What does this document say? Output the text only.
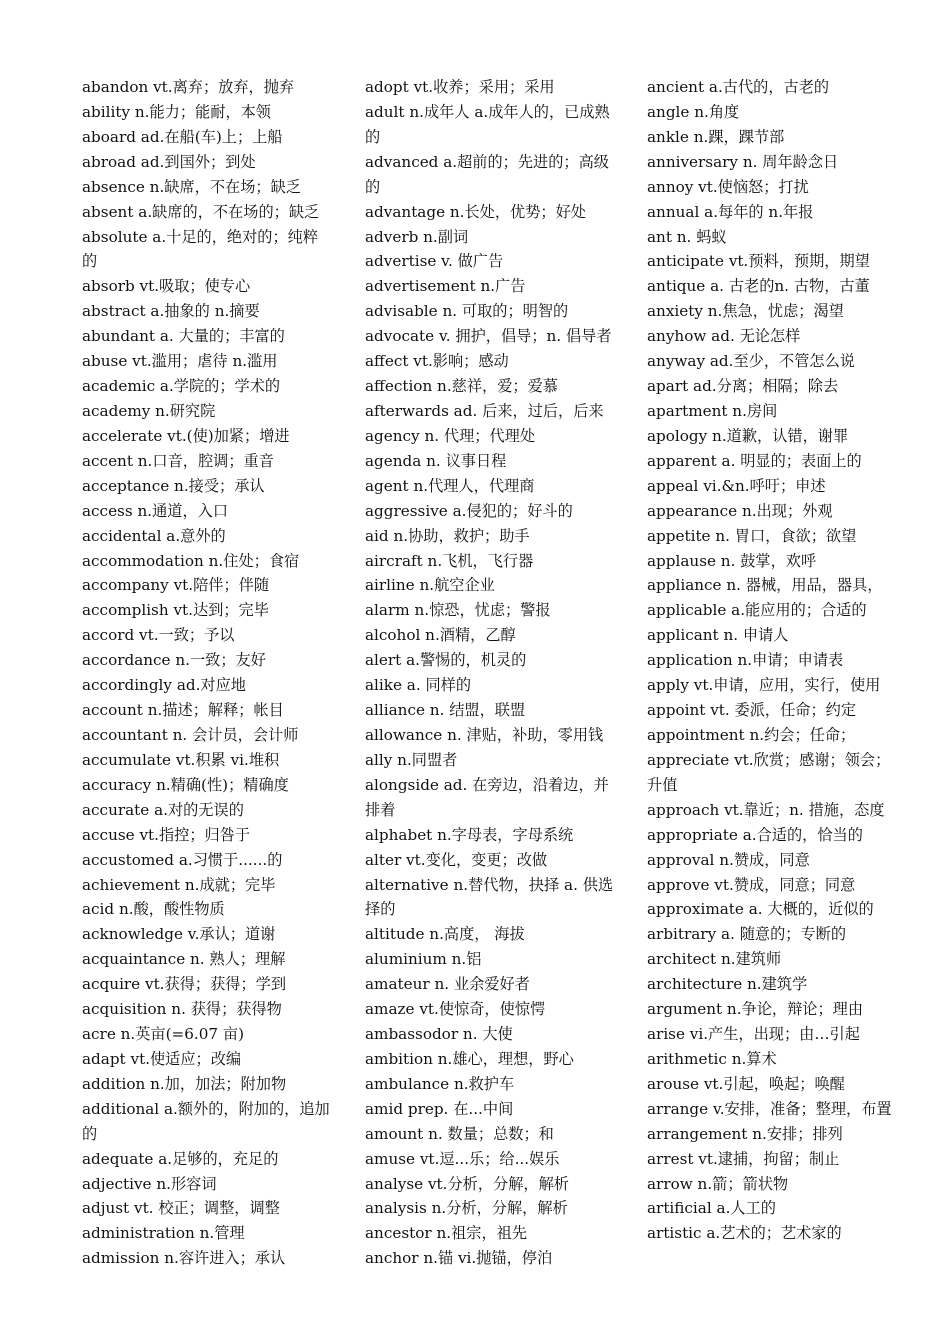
abandon vt.离弃；放弃，抛弃
ability n.能力；能耐，本领
aboard ad.在船(车)上；上船
abroad ad.到国外；到处
absence n.缺席，不在场；缺乏
absent a.缺席的，不在场的；缺乏
absolute a.十足的，绝对的；纯粹的
absorb vt.吸取；使专心
abstract a.抽象的 n.摘要
abundant a. 大量的；丰富的
abuse vt.滥用；虐待 n.滥用
academic a.学院的；学术的
academy n.研究院
accelerate vt.(使)加紧；增进
accent n.口音，腔调；重音
acceptance n.接受；承认
access n.通道，入口
accidental a.意外的
accommodation n.住处；食宿
accompany vt.陪伴；伴随
accomplish vt.达到；完毕
accord vt.一致；予以
accordance n.一致；友好
accordingly ad.对应地
account n.描述；解释；帐目
accountant n. 会计员，会计师
accumulate vt.积累 vi.堆积
accuracy n.精确(性)；精确度
accurate a.对的无误的
accuse vt.指控；归咎于
accustomed a.习惯于......的
achievement n.成就；完毕
acid n.酸，酸性物质
acknowledge v.承认；道谢
acquaintance n. 熟人；理解
acquire vt.获得；获得；学到
acquisition n. 获得；获得物
acre n.英亩(=6.07 亩)
adapt vt.使适应；改编
addition n.加，加法；附加物
additional a.额外的，附加的，追加的
adequate a.足够的，充足的
adjective n.形容词
adjust vt. 校正；调整，调整
administration n.管理
admission n.容许进入；承认
adopt vt.收养；采用；采用
adult n.成年人 a.成年人的，已成熟的
advanced a.超前的；先进的；高级的
advantage n.长处，优势；好处
adverb n.副词
advertise v. 做广告
advertisement n.广告
advisable n. 可取的；明智的
advocate v. 拥护，倡导；n. 倡导者
affect vt.影响；感动
affection n.慈祥，爱；爱慕
afterwards ad. 后来，过后，后来
agency n. 代理；代理处
agenda n. 议事日程
agent n.代理人，代理商
aggressive a.侵犯的；好斗的
aid n.协助，救护；助手
aircraft n.飞机，飞行器
airline n.航空企业
alarm n.惊恐，忧虑；警报
alcohol n.酒精，乙醇
alert a.警惕的，机灵的
alike a. 同样的
alliance n. 结盟，联盟
allowance n. 津贴，补助，零用钱
ally n.同盟者
alongside ad. 在旁边，沿着边，并排着
alphabet n.字母表，字母系统
alter vt.变化，变更；改做
alternative n.替代物，抉择 a. 供选择的
altitude n.高度， 海拔
aluminium n.铝
amateur n. 业余爱好者
amaze vt.使惊奇，使惊愕
ambassodor n. 大使
ambition n.雄心，理想，野心
ambulance n.救护车
amid prep. 在...中间
amount n. 数量；总数；和
amuse vt.逗...乐；给...娱乐
analyse vt.分析，分解，解析
analysis n.分析，分解，解析
ancestor n.祖宗，祖先
anchor n.锚 vi.抛锚，停泊
ancient a.古代的，古老的
angle n.角度
ankle n.踝，踝节部
anniversary n. 周年龄念日
annoy vt.使恼怒；打扰
annual a.每年的 n.年报
ant n. 蚂蚁
anticipate vt.预料，预期，期望
antique a. 古老的n. 古物，古董
anxiety n.焦急，忧虑；渴望
anyhow ad. 无论怎样
anyway ad.至少，不管怎么说
apart ad.分离；相隔；除去
apartment n.房间
apology n.道歉，认错，谢罪
apparent a. 明显的；表面上的
appeal vi.&n.呼吁；申述
appearance n.出现；外观
appetite n. 胃口，食欲；欲望
applause n. 鼓掌，欢呼
appliance n. 器械，用品，器具，
applicable a.能应用的；合适的
applicant n. 申请人
application n.申请；申请表
apply vt.申请，应用，实行，使用
appoint vt. 委派，任命；约定
appointment n.约会；任命；
appreciate vt.欣赏；感谢；领会；升值
approach vt.靠近；n. 措施，态度
appropriate a.合适的，恰当的
approval n.赞成，同意
approve vt.赞成，同意；同意
approximate a. 大概的，近似的
arbitrary a. 随意的；专断的
architect n.建筑师
architecture n.建筑学
argument n.争论，辩论；理由
arise vi.产生，出现；由…引起
arithmetic n.算术
arouse vt.引起，唤起；唤醒
arrange v.安排，准备；整理，布置
arrangement n.安排；排列
arrest vt.逮捕，拘留；制止
arrow n.箭；箭状物
artificial a.人工的
artistic a.艺术的；艺术家的
